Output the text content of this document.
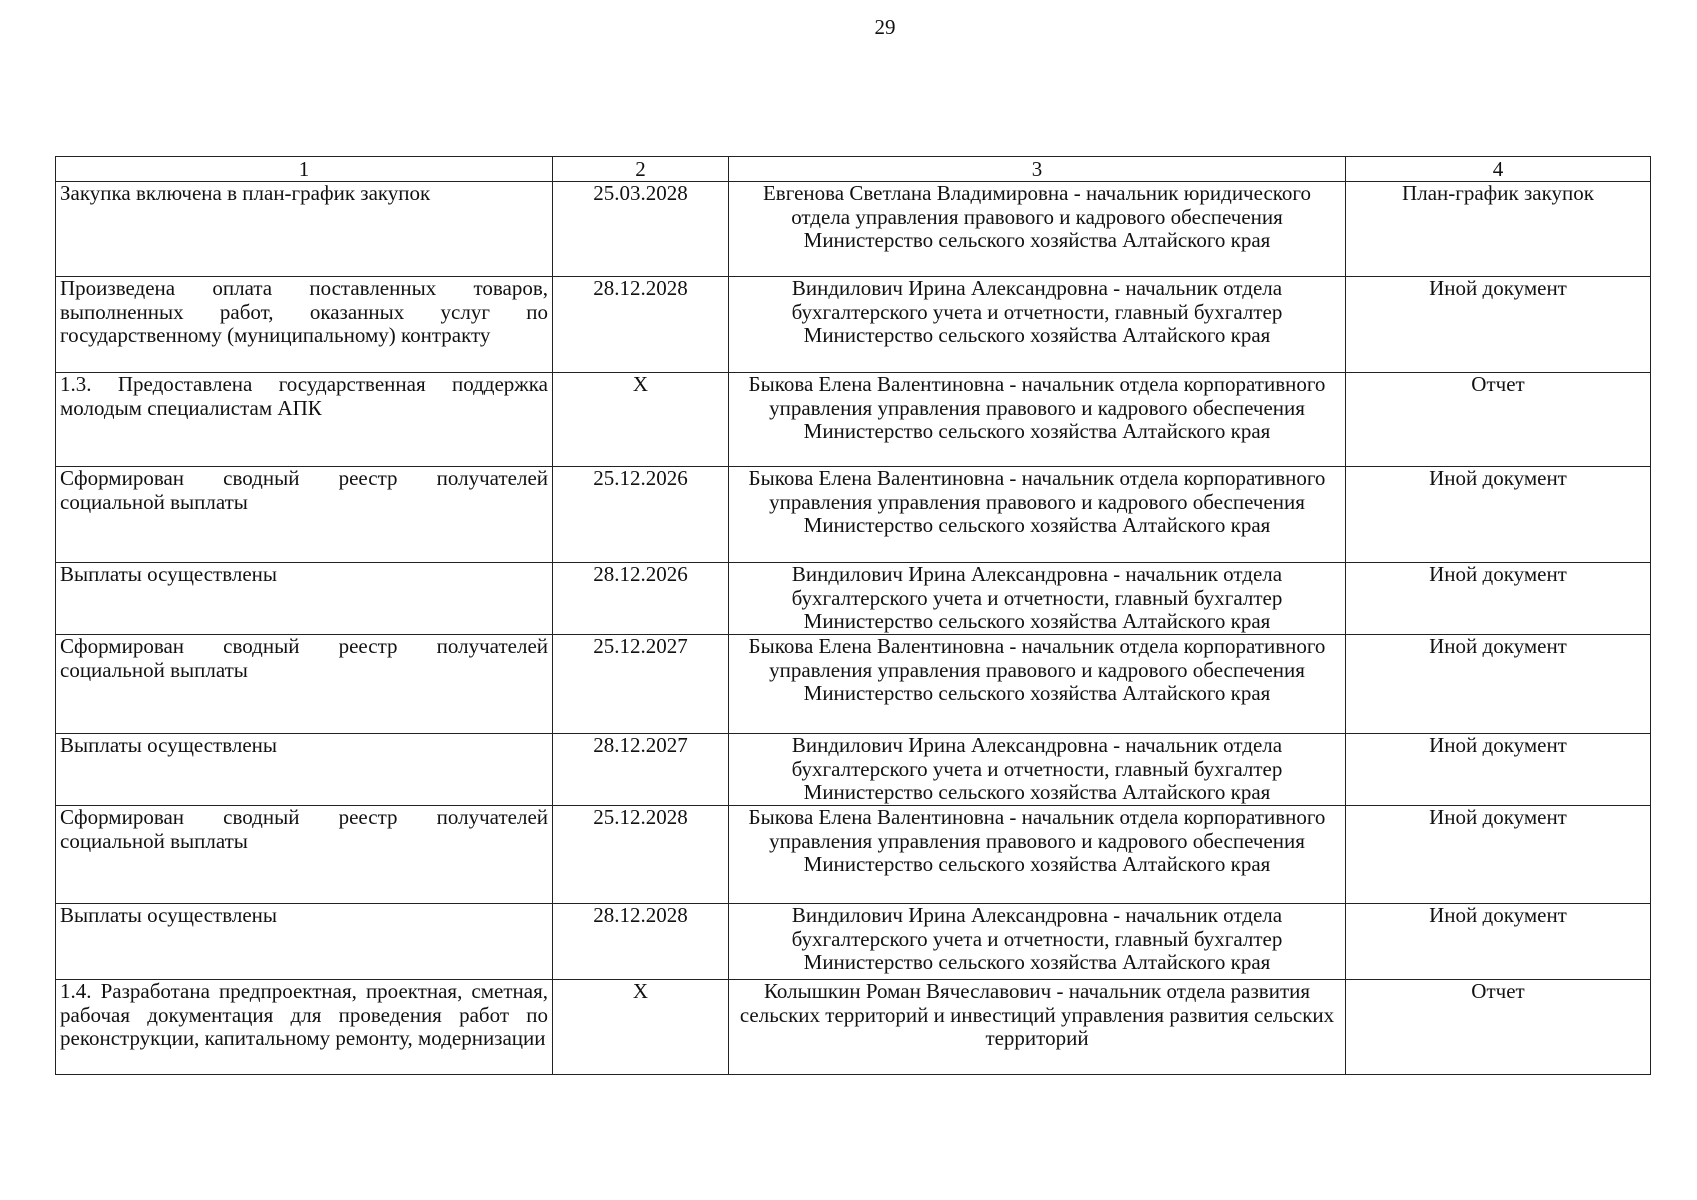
29
1	2	3	4
Закупка включена в план-график закупок	25.03.2028	Евгенова Светлана Владимировна - начальник юридического отдела управления правового и кадрового обеспечения Министерство сельского хозяйства Алтайского края	План-график закупок
Произведена оплата поставленных товаров, выполненных работ, оказанных услуг по государственному (муниципальному) контракту	28.12.2028	Виндилович Ирина Александровна - начальник отдела бухгалтерского учета и отчетности, главный бухгалтер Министерство сельского хозяйства Алтайского края	Иной документ
1.3. Предоставлена государственная поддержка молодым специалистам АПК	X	Быкова Елена Валентиновна - начальник отдела корпоративного управления управления правового и кадрового обеспечения Министерство сельского хозяйства Алтайского края	Отчет
Сформирован сводный реестр получателей социальной выплаты	25.12.2026	Быкова Елена Валентиновна - начальник отдела корпоративного управления управления правового и кадрового обеспечения Министерство сельского хозяйства Алтайского края	Иной документ
Выплаты осуществлены	28.12.2026	Виндилович Ирина Александровна - начальник отдела бухгалтерского учета и отчетности, главный бухгалтер Министерство сельского хозяйства Алтайского края	Иной документ
Сформирован сводный реестр получателей социальной выплаты	25.12.2027	Быкова Елена Валентиновна - начальник отдела корпоративного управления управления правового и кадрового обеспечения Министерство сельского хозяйства Алтайского края	Иной документ
Выплаты осуществлены	28.12.2027	Виндилович Ирина Александровна - начальник отдела бухгалтерского учета и отчетности, главный бухгалтер Министерство сельского хозяйства Алтайского края	Иной документ
Сформирован сводный реестр получателей социальной выплаты	25.12.2028	Быкова Елена Валентиновна - начальник отдела корпоративного управления управления правового и кадрового обеспечения Министерство сельского хозяйства Алтайского края	Иной документ
Выплаты осуществлены	28.12.2028	Виндилович Ирина Александровна - начальник отдела бухгалтерского учета и отчетности, главный бухгалтер Министерство сельского хозяйства Алтайского края	Иной документ
1.4. Разработана предпроектная, проектная, сметная, рабочая документация для проведения работ по реконструкции, капитальному ремонту, модернизации	X	Колышкин Роман Вячеславович - начальник отдела развития сельских территорий и инвестиций управления развития сельских территорий	Отчет
